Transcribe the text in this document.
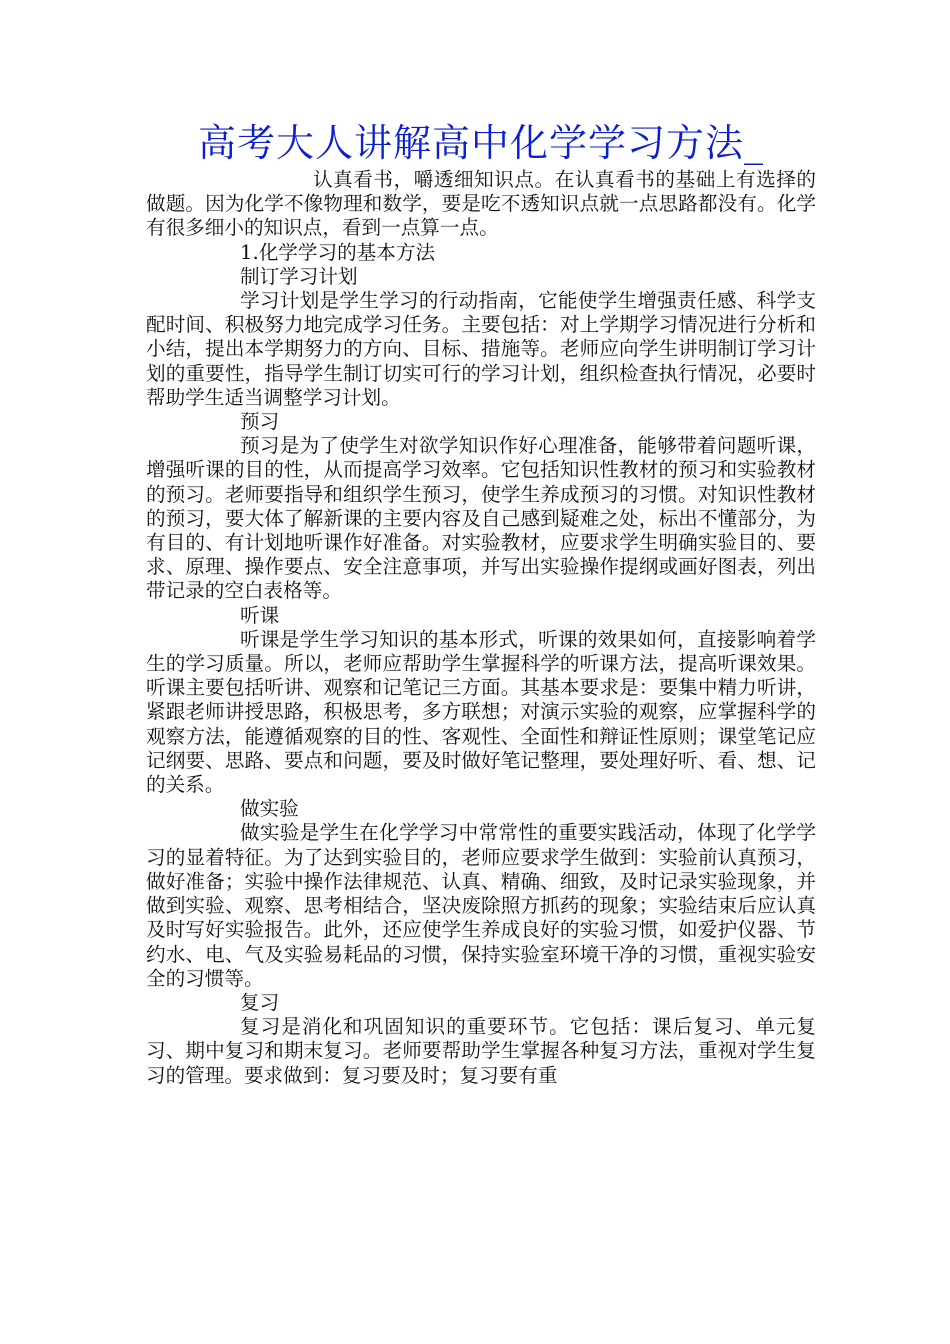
高考大人讲解高中化学学习方法_

认真看书，嚼透细知识点。在认真看书的基础上有选择的做题。因为化学不像物理和数学，要是吃不透知识点就一点思路都没有。化学有很多细小的知识点，看到一点算一点。

1.化学学习的基本方法

制订学习计划

学习计划是学生学习的行动指南，它能使学生增强责任感、科学支配时间、积极努力地完成学习任务。主要包括：对上学期学习情况进行分析和小结，提出本学期努力的方向、目标、措施等。老师应向学生讲明制订学习计划的重要性，指导学生制订切实可行的学习计划，组织检查执行情况，必要时帮助学生适当调整学习计划。

预习

预习是为了使学生对欲学知识作好心理准备，能够带着问题听课，增强听课的目的性，从而提高学习效率。它包括知识性教材的预习和实验教材的预习。老师要指导和组织学生预习，使学生养成预习的习惯。对知识性教材的预习，要大体了解新课的主要内容及自己感到疑难之处，标出不懂部分，为有目的、有计划地听课作好准备。对实验教材，应要求学生明确实验目的、要求、原理、操作要点、安全注意事项，并写出实验操作提纲或画好图表，列出带记录的空白表格等。

听课

听课是学生学习知识的基本形式，听课的效果如何，直接影响着学生的学习质量。所以，老师应帮助学生掌握科学的听课方法，提高听课效果。听课主要包括听讲、观察和记笔记三方面。其基本要求是：要集中精力听讲，紧跟老师讲授思路，积极思考，多方联想；对演示实验的观察，应掌握科学的观察方法，能遵循观察的目的性、客观性、全面性和辩证性原则；课堂笔记应记纲要、思路、要点和问题，要及时做好笔记整理，要处理好听、看、想、记的关系。

做实验

做实验是学生在化学学习中常常性的重要实践活动，体现了化学学习的显着特征。为了达到实验目的，老师应要求学生做到：实验前认真预习，做好准备；实验中操作法律规范、认真、精确、细致，及时记录实验现象，并做到实验、观察、思考相结合，坚决废除照方抓药的现象；实验结束后应认真及时写好实验报告。此外，还应使学生养成良好的实验习惯，如爱护仪器、节约水、电、气及实验易耗品的习惯，保持实验室环境干净的习惯，重视实验安全的习惯等。

复习

复习是消化和巩固知识的重要环节。它包括：课后复习、单元复习、期中复习和期末复习。老师要帮助学生掌握各种复习方法，重视对学生复习的管理。要求做到：复习要及时；复习要有重
